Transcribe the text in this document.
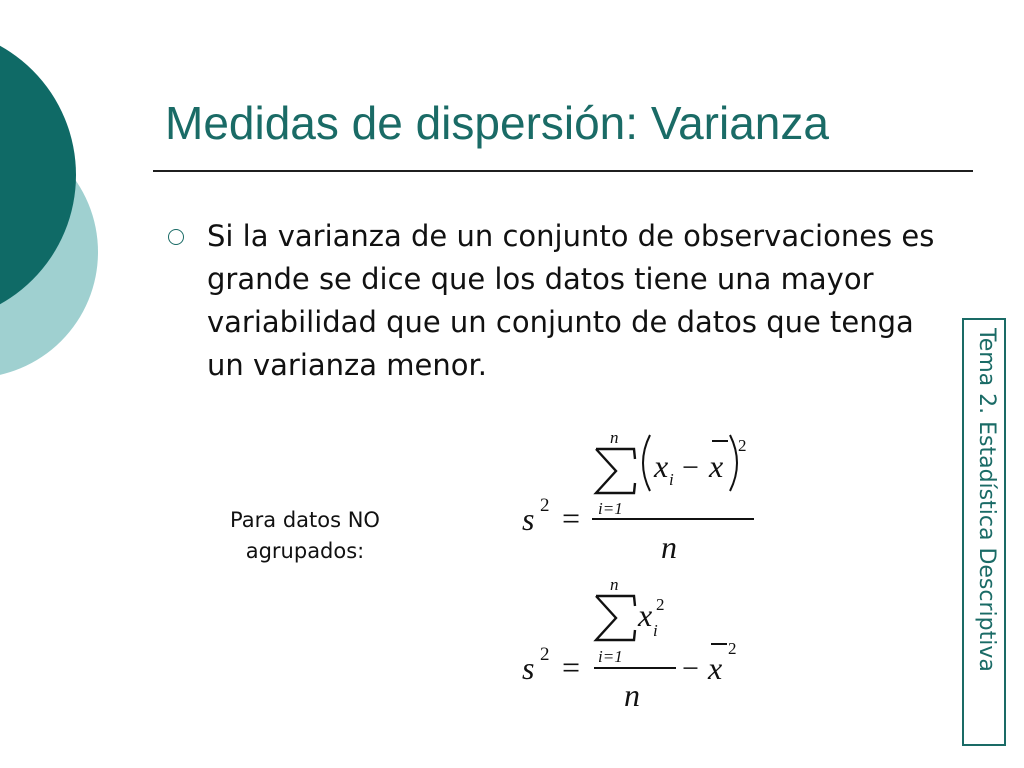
Medidas de dispersión: Varianza

Si la varianza de un conjunto de observaciones es grande se dice que los datos tiene una mayor variabilidad que un conjunto de datos que tenga un varianza menor.

Para datos NO
agrupados:
s 2 =
n
i=1
x i − x
2
n
s 2 =
n
i=1
x i
2
n
− x
2	Tema 2. Estadística Descriptiva
